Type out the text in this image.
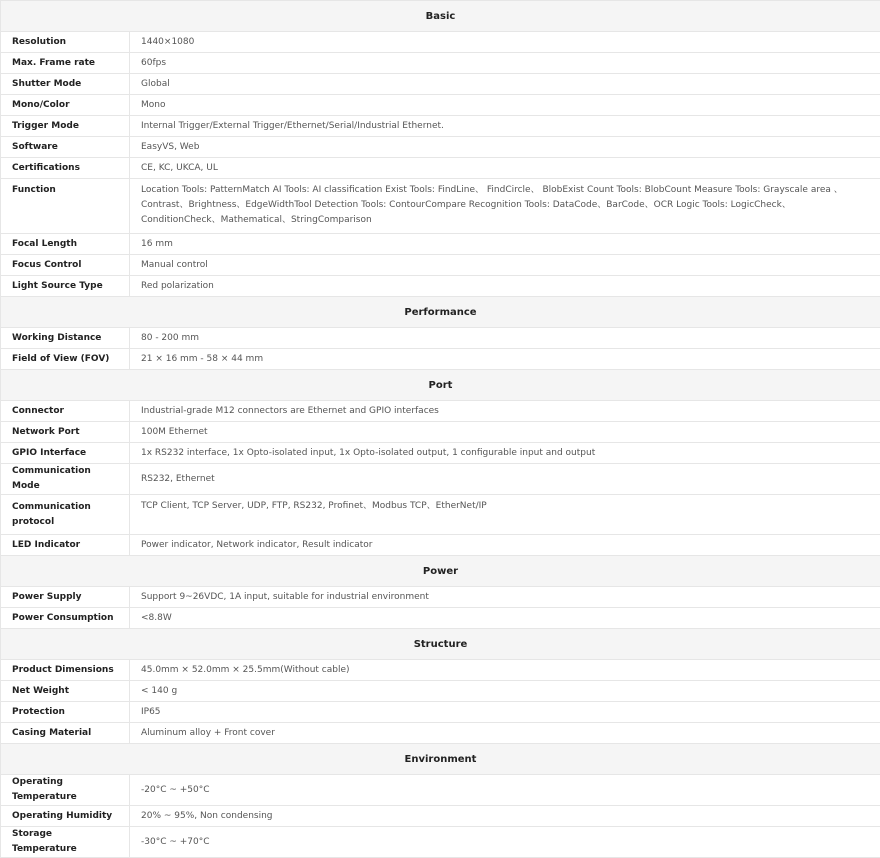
Basic	
Resolution	1440×1080
Max. Frame rate	60fps
Shutter Mode	Global
Mono/Color	Mono
Trigger Mode	Internal Trigger/External Trigger/Ethernet/Serial/Industrial Ethernet.
Software	EasyVS, Web
Certifications	CE, KC, UKCA, UL
Function	Location Tools: PatternMatch AI Tools: AI classification Exist Tools: FindLine、 FindCircle、 BlobExist Count Tools: BlobCount Measure Tools: Grayscale area 、Contrast、Brightness、EdgeWidthTool Detection Tools: ContourCompare Recognition Tools: DataCode、BarCode、OCR Logic Tools: LogicCheck、ConditionCheck、Mathematical、StringComparison
Focal Length	16 mm
Focus Control	Manual control
Light Source Type	Red polarization
Performance	
Working Distance	80 - 200 mm
Field of View (FOV)	21 × 16 mm - 58 × 44 mm
Port	
Connector	Industrial-grade M12 connectors are Ethernet and GPIO interfaces
Network Port	100M Ethernet
GPIO Interface	1x RS232 interface, 1x Opto-isolated input, 1x Opto-isolated output, 1 configurable input and output
Communication Mode	RS232, Ethernet
Communication protocol	TCP Client, TCP Server, UDP, FTP, RS232, Profinet、Modbus TCP、EtherNet/IP
LED Indicator	Power indicator, Network indicator, Result indicator
Power	
Power Supply	Support 9~26VDC, 1A input, suitable for industrial environment
Power Consumption	<8.8W
Structure	
Product Dimensions	45.0mm × 52.0mm × 25.5mm(Without cable)
Net Weight	< 140 g
Protection	IP65
Casing Material	Aluminum alloy + Front cover
Environment	
Operating Temperature	-20°C ~ +50°C
Operating Humidity	20% ~ 95%, Non condensing
Storage Temperature	-30°C ~ +70°C
